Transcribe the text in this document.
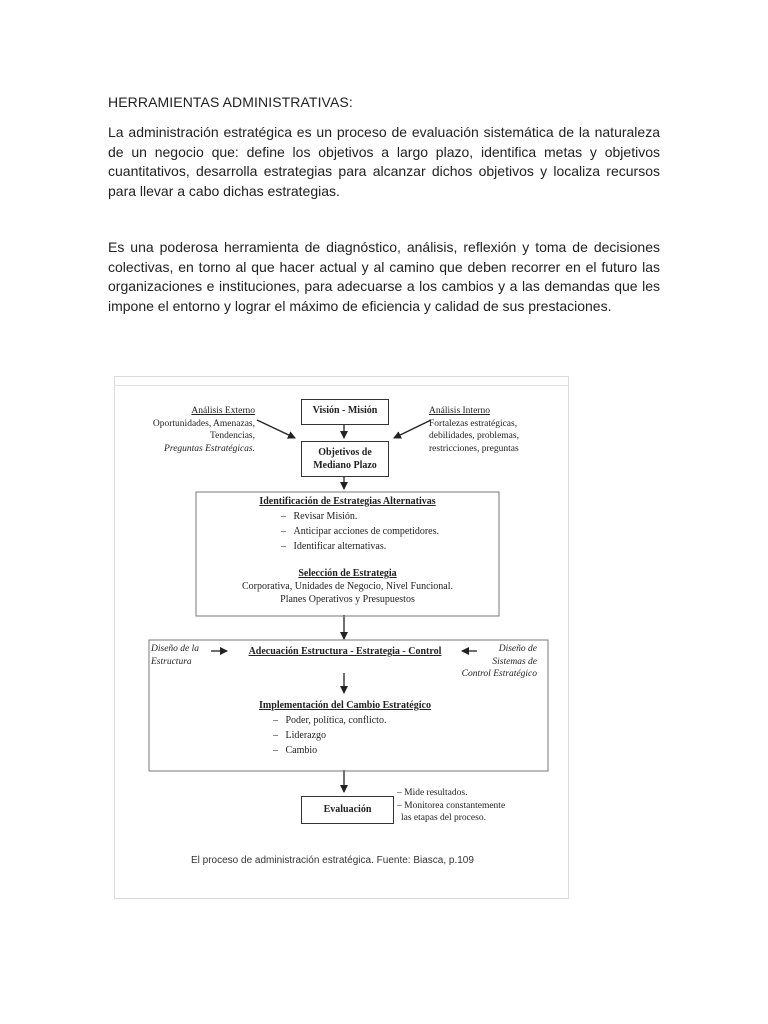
HERRAMIENTAS ADMINISTRATIVAS:

La administración estratégica es un proceso de evaluación sistemática de la naturaleza de un negocio que: define los objetivos a largo plazo, identifica metas y objetivos cuantitativos, desarrolla estrategias para alcanzar dichos objetivos y localiza recursos para llevar a cabo dichas estrategias.

Es una poderosa herramienta de diagnóstico, análisis, reflexión y toma de decisiones colectivas, en torno al que hacer actual y al camino que deben recorrer en el futuro las organizaciones e instituciones, para adecuarse a los cambios y a las demandas que les impone el entorno y lograr el máximo de eficiencia y calidad de sus prestaciones.

Visión - Misión
Objetivos de
Mediano Plazo
Análisis Externo
Oportunidades, Amenazas,
Tendencias,
Preguntas Estratégicas.
Análisis Interno
Fortalezas estratégicas,
debilidades, problemas,
restricciones, preguntas
Identificación de Estrategias Alternativas
–   Revisar Misión.
–   Anticipar acciones de competidores.
–   Identificar alternativas.
Selección de Estrategia
Corporativa, Unidades de Negocio, Nivel Funcional.
Planes Operativos y Presupuestos
Diseño de la
Estructura
Adecuación Estructura - Estrategia - Control	Diseño de
Sistemas de
Control Estratégico
Implementación del Cambio Estratégico
–   Poder, política, conflicto.
–   Liderazgo
–   Cambio
Evaluación
– Mide resultados.
– Monitorea constantemente
las etapas del proceso.
El proceso de administración estratégica. Fuente: Biasca, p.109
